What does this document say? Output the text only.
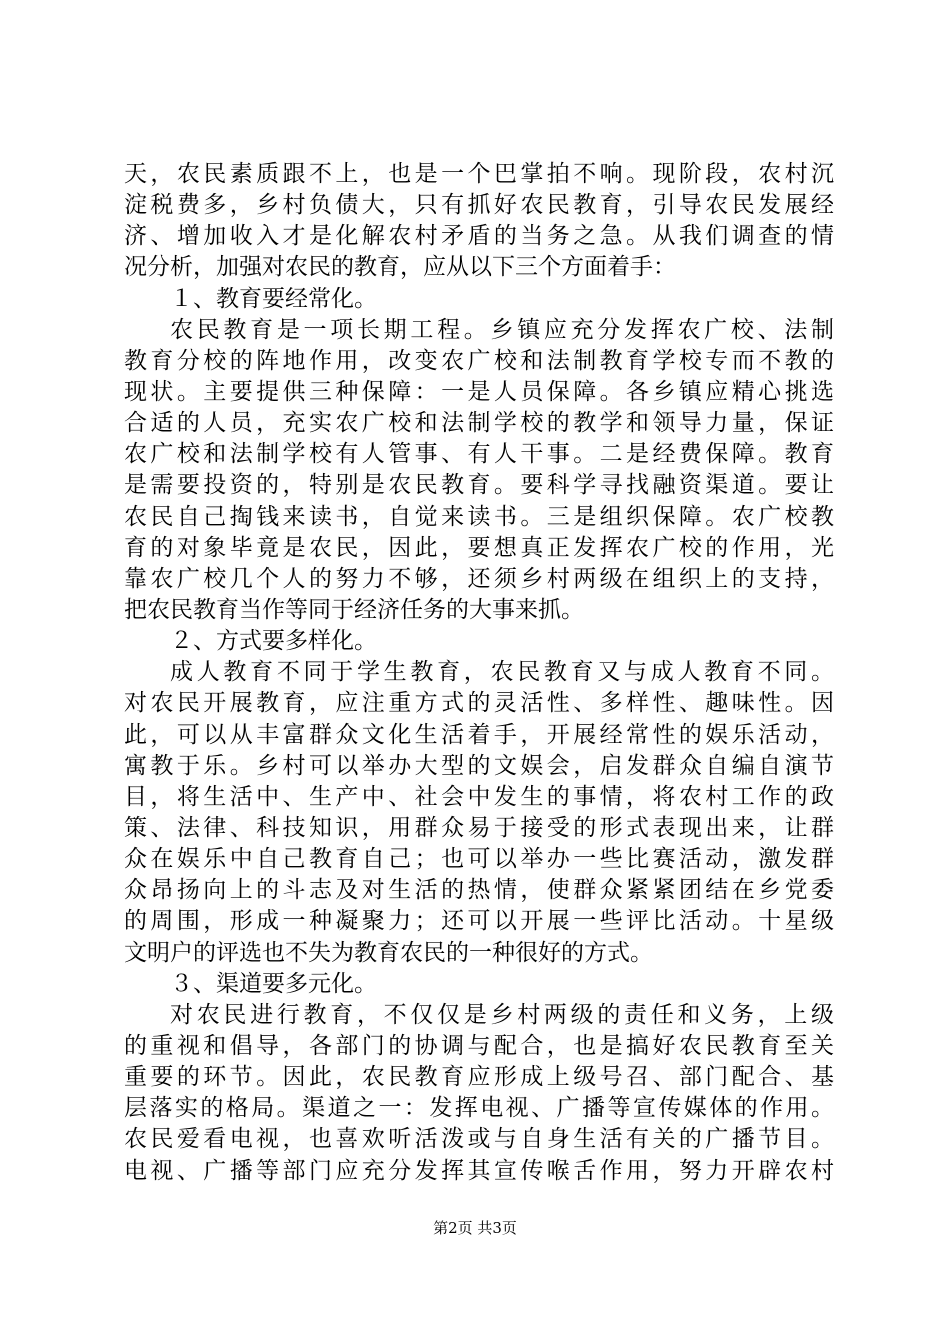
天，农民素质跟不上，也是一个巴掌拍不响。现阶段，农村沉
淀税费多，乡村负债大，只有抓好农民教育，引导农民发展经
济、增加收入才是化解农村矛盾的当务之急。从我们调查的情
况分析，加强对农民的教育，应从以下三个方面着手：
１、教育要经常化。
农民教育是一项长期工程。乡镇应充分发挥农广校、法制
教育分校的阵地作用，改变农广校和法制教育学校专而不教的
现状。主要提供三种保障：一是人员保障。各乡镇应精心挑选
合适的人员，充实农广校和法制学校的教学和领导力量，保证
农广校和法制学校有人管事、有人干事。二是经费保障。教育
是需要投资的，特别是农民教育。要科学寻找融资渠道。要让
农民自己掏钱来读书，自觉来读书。三是组织保障。农广校教
育的对象毕竟是农民，因此，要想真正发挥农广校的作用，光
靠农广校几个人的努力不够，还须乡村两级在组织上的支持，
把农民教育当作等同于经济任务的大事来抓。
２、方式要多样化。
成人教育不同于学生教育，农民教育又与成人教育不同。
对农民开展教育，应注重方式的灵活性、多样性、趣味性。因
此，可以从丰富群众文化生活着手，开展经常性的娱乐活动，
寓教于乐。乡村可以举办大型的文娱会，启发群众自编自演节
目，将生活中、生产中、社会中发生的事情，将农村工作的政
策、法律、科技知识，用群众易于接受的形式表现出来，让群
众在娱乐中自己教育自己；也可以举办一些比赛活动，激发群
众昂扬向上的斗志及对生活的热情，使群众紧紧团结在乡党委
的周围，形成一种凝聚力；还可以开展一些评比活动。十星级
文明户的评选也不失为教育农民的一种很好的方式。
３、渠道要多元化。
对农民进行教育，不仅仅是乡村两级的责任和义务，上级
的重视和倡导，各部门的协调与配合，也是搞好农民教育至关
重要的环节。因此，农民教育应形成上级号召、部门配合、基
层落实的格局。渠道之一：发挥电视、广播等宣传媒体的作用。
农民爱看电视，也喜欢听活泼或与自身生活有关的广播节目。
电视、广播等部门应充分发挥其宣传喉舌作用，努力开辟农村
第2页 共3页
